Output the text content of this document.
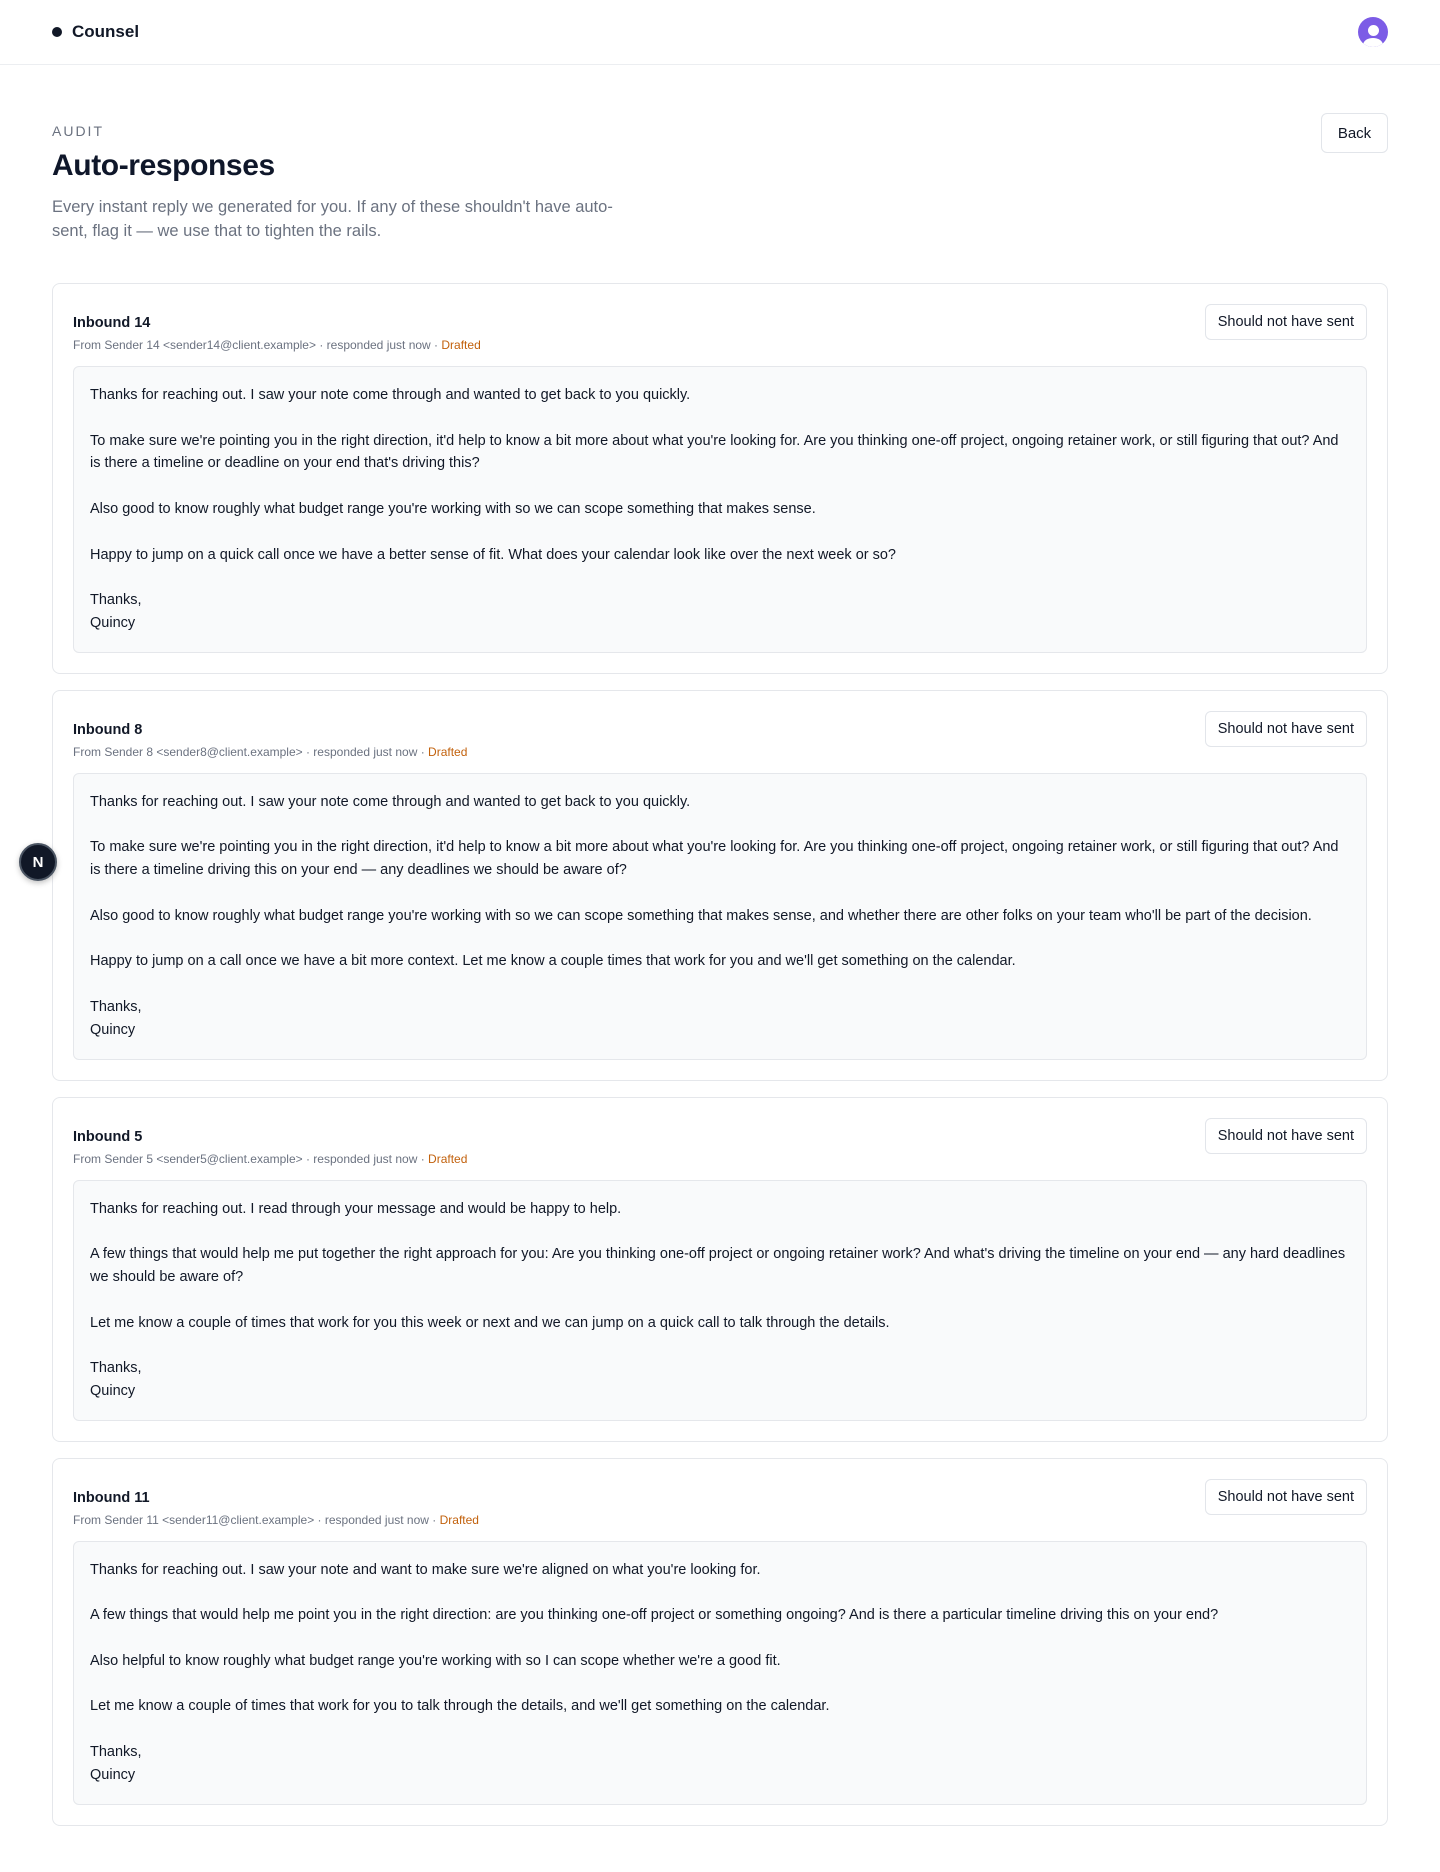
Counsel
AUDIT
Auto-responses

Every instant reply we generated for you. If any of these shouldn't have auto-sent, flag it — we use that to tighten the rails.

Back
Inbound 14
From Sender 14 <sender14@client.example> · responded just now · Drafted
Should not have sent

Thanks for reaching out. I saw your note come through and wanted to get back to you quickly.

To make sure we're pointing you in the right direction, it'd help to know a bit more about what you're looking for. Are you thinking one-off project, ongoing retainer work, or still figuring that out? And is there a timeline or deadline on your end that's driving this?

Also good to know roughly what budget range you're working with so we can scope something that makes sense.

Happy to jump on a quick call once we have a better sense of fit. What does your calendar look like over the next week or so?

Thanks,
Quincy

Inbound 8
From Sender 8 <sender8@client.example> · responded just now · Drafted
Should not have sent

Thanks for reaching out. I saw your note come through and wanted to get back to you quickly.

To make sure we're pointing you in the right direction, it'd help to know a bit more about what you're looking for. Are you thinking one-off project, ongoing retainer work, or still figuring that out? And is there a timeline driving this on your end — any deadlines we should be aware of?

Also good to know roughly what budget range you're working with so we can scope something that makes sense, and whether there are other folks on your team who'll be part of the decision.

Happy to jump on a call once we have a bit more context. Let me know a couple times that work for you and we'll get something on the calendar.

Thanks,
Quincy

Inbound 5
From Sender 5 <sender5@client.example> · responded just now · Drafted
Should not have sent

Thanks for reaching out. I read through your message and would be happy to help.

A few things that would help me put together the right approach for you: Are you thinking one-off project or ongoing retainer work? And what's driving the timeline on your end — any hard deadlines we should be aware of?

Let me know a couple of times that work for you this week or next and we can jump on a quick call to talk through the details.

Thanks,
Quincy

Inbound 11
From Sender 11 <sender11@client.example> · responded just now · Drafted
Should not have sent

Thanks for reaching out. I saw your note and want to make sure we're aligned on what you're looking for.

A few things that would help me point you in the right direction: are you thinking one-off project or something ongoing? And is there a particular timeline driving this on your end?

Also helpful to know roughly what budget range you're working with so I can scope whether we're a good fit.

Let me know a couple of times that work for you to talk through the details, and we'll get something on the calendar.

Thanks,
Quincy

N
